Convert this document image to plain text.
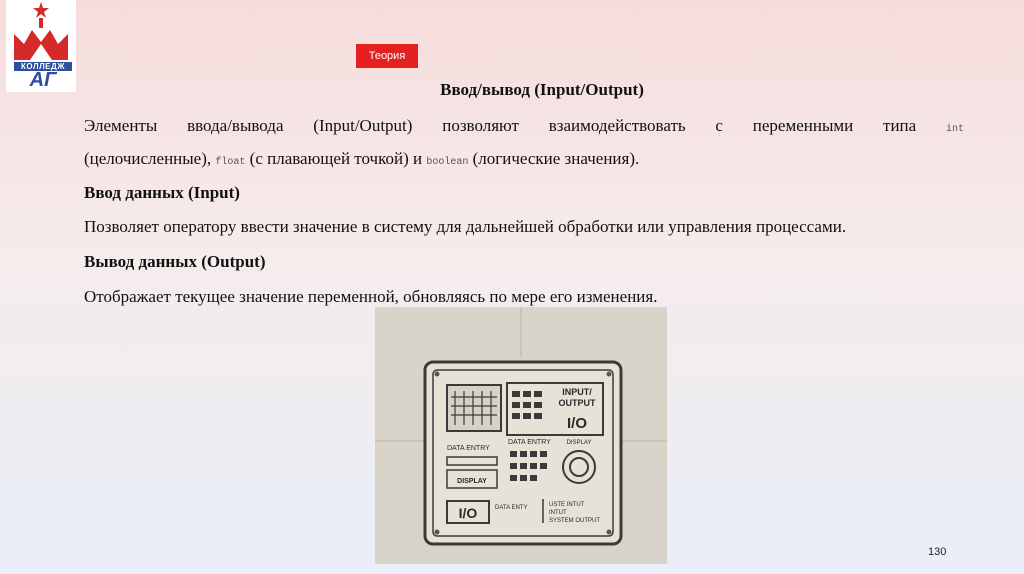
КОЛЛЕДЖ
АГ
Теория
Ввод/вывод (Input/Output)
Элементы ввода/вывода (Input/Output) позволяют взаимодействовать с переменными типа	int
(целочисленные), float (с плавающей точкой) и boolean (логические значения).
Ввод данных (Input)
Позволяет оператору ввести значение в систему для дальнейшей обработки или управления процессами.
Вывод данных (Output)
Отображает текущее значение переменной, обновляясь по мере его изменения.
INPUT/
OUTPUT
I/O
DATA ENTRY
DISPLAY
DATA ENTRY	DISPLAY
I/O	DATA ENTY	USTE INTUT
INTUT
SYSTEM OUTPUT
130
